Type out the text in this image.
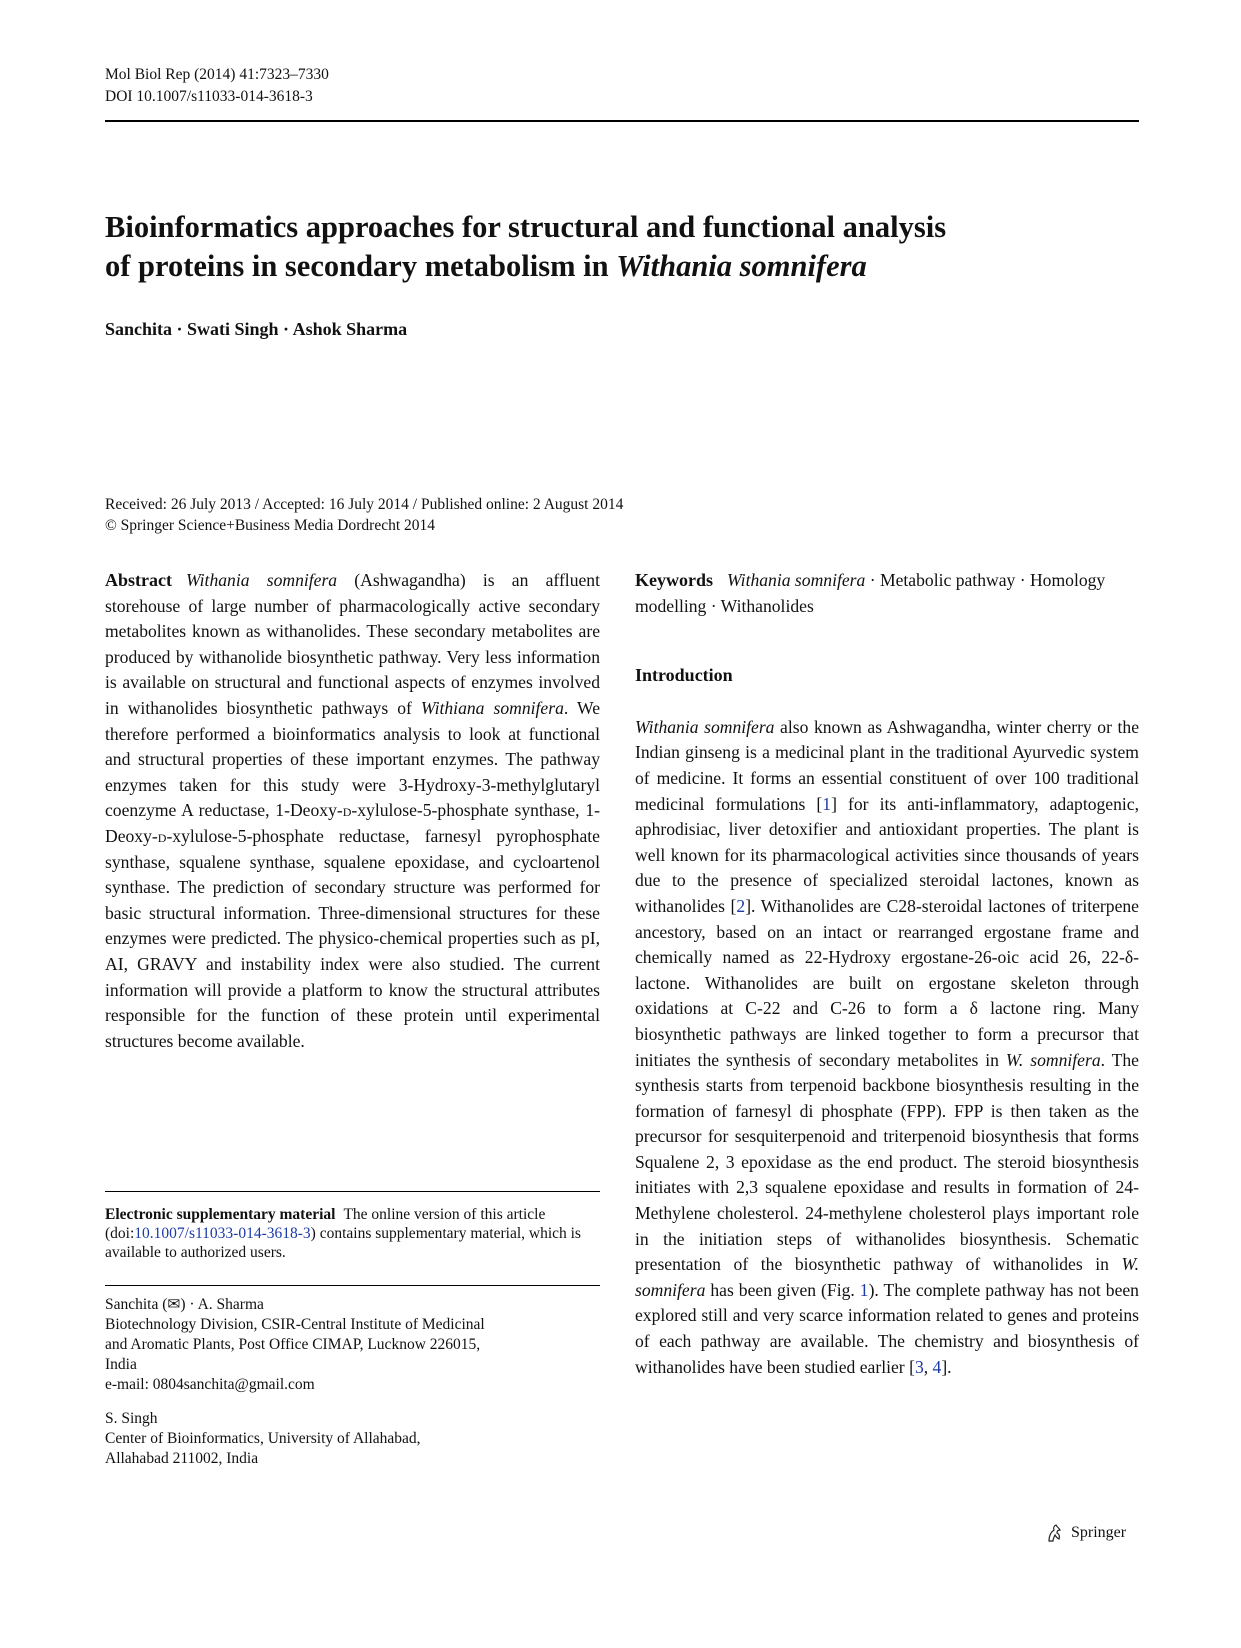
Mol Biol Rep (2014) 41:7323–7330
DOI 10.1007/s11033-014-3618-3
Bioinformatics approaches for structural and functional analysis
of proteins in secondary metabolism in Withania somnifera
Sanchita · Swati Singh · Ashok Sharma
Received: 26 July 2013 / Accepted: 16 July 2014 / Published online: 2 August 2014
© Springer Science+Business Media Dordrecht 2014

Abstract Withania somnifera (Ashwagandha) is an affluent storehouse of large number of pharmacologically active secondary metabolites known as withanolides. These secondary metabolites are produced by withanolide biosynthetic pathway. Very less information is available on structural and functional aspects of enzymes involved in withanolides biosynthetic pathways of Withiana somnifera. We therefore performed a bioinformatics analysis to look at functional and structural properties of these important enzymes. The pathway enzymes taken for this study were 3-Hydroxy-3-methylglutaryl coenzyme A reductase, 1-Deoxy-d-xylulose-5-phosphate synthase, 1-Deoxy-d-xylulose-5-phosphate reductase, farnesyl pyrophosphate synthase, squalene synthase, squalene epoxidase, and cycloartenol synthase. The prediction of secondary structure was performed for basic structural information. Three-dimensional structures for these enzymes were predicted. The physico-chemical properties such as pI, AI, GRAVY and instability index were also studied. The current information will provide a platform to know the structural attributes responsible for the function of these protein until experimental structures become available.

Electronic supplementary material The online version of this article (doi:10.1007/s11033-014-3618-3) contains supplementary material, which is available to authorized users.

Sanchita (✉) · A. Sharma
Biotechnology Division, CSIR-Central Institute of Medicinal
and Aromatic Plants, Post Office CIMAP, Lucknow 226015,
India
e-mail: 0804sanchita@gmail.com

S. Singh
Center of Bioinformatics, University of Allahabad,
Allahabad 211002, India

Keywords Withania somnifera · Metabolic pathway · Homology modelling · Withanolides

Introduction

Withania somnifera also known as Ashwagandha, winter cherry or the Indian ginseng is a medicinal plant in the traditional Ayurvedic system of medicine. It forms an essential constituent of over 100 traditional medicinal formulations [1] for its anti-inflammatory, adaptogenic, aphrodisiac, liver detoxifier and antioxidant properties. The plant is well known for its pharmacological activities since thousands of years due to the presence of specialized steroidal lactones, known as withanolides [2]. Withanolides are C28-steroidal lactones of triterpene ancestory, based on an intact or rearranged ergostane frame and chemically named as 22-Hydroxy ergostane-26-oic acid 26, 22-δ-lactone. Withanolides are built on ergostane skeleton through oxidations at C-22 and C-26 to form a δ lactone ring. Many biosynthetic pathways are linked together to form a precursor that initiates the synthesis of secondary metabolites in W. somnifera. The synthesis starts from terpenoid backbone biosynthesis resulting in the formation of farnesyl di phosphate (FPP). FPP is then taken as the precursor for sesquiterpenoid and triterpenoid biosynthesis that forms Squalene 2, 3 epoxidase as the end product. The steroid biosynthesis initiates with 2,3 squalene epoxidase and results in formation of 24-Methylene cholesterol. 24-methylene cholesterol plays important role in the initiation steps of withanolides biosynthesis. Schematic presentation of the biosynthetic pathway of withanolides in W. somnifera has been given (Fig. 1). The complete pathway has not been explored still and very scarce information related to genes and proteins of each pathway are available. The chemistry and biosynthesis of withanolides have been studied earlier [3, 4].

Springer
